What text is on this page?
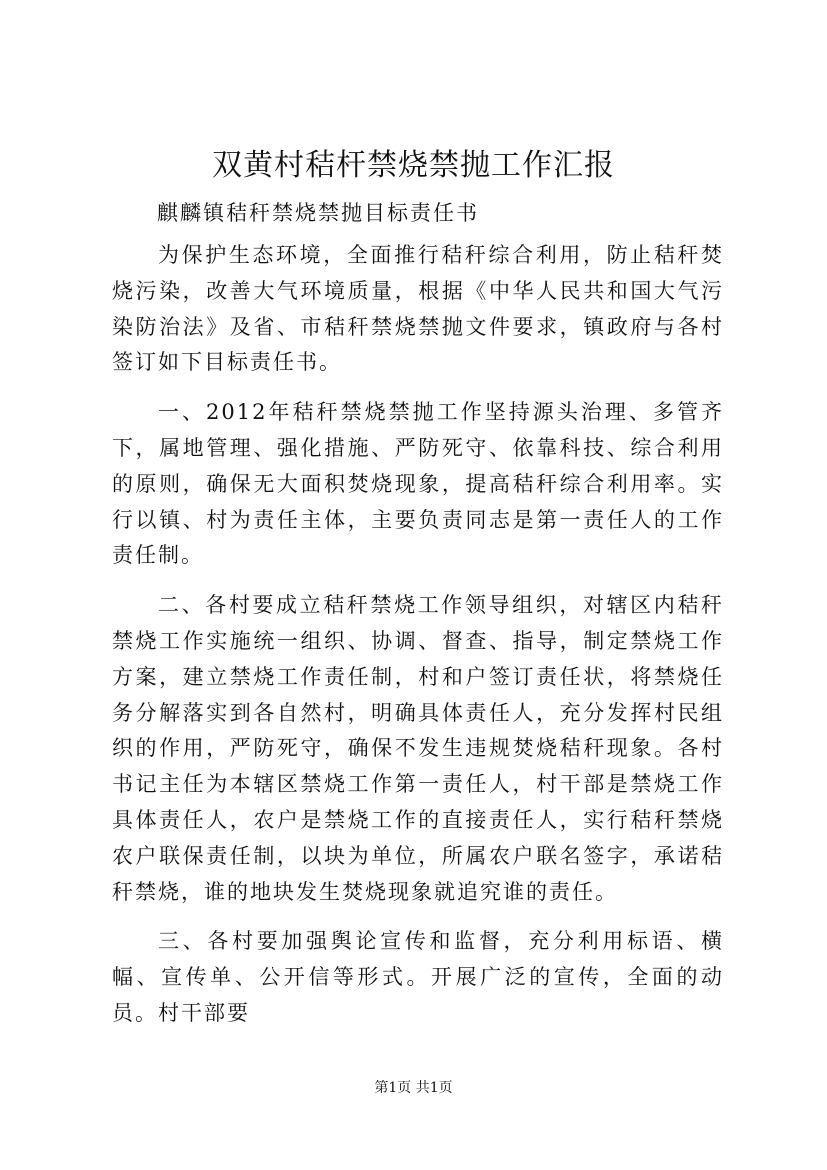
双黄村秸杆禁烧禁抛工作汇报
麒麟镇秸秆禁烧禁抛目标责任书

为保护生态环境，全面推行秸秆综合利用，防止秸秆焚烧污染，改善大气环境质量，根据《中华人民共和国大气污染防治法》及省、市秸秆禁烧禁抛文件要求，镇政府与各村签订如下目标责任书。

一、2012年秸秆禁烧禁抛工作坚持源头治理、多管齐下，属地管理、强化措施、严防死守、依靠科技、综合利用的原则，确保无大面积焚烧现象，提高秸秆综合利用率。实行以镇、村为责任主体，主要负责同志是第一责任人的工作责任制。

二、各村要成立秸秆禁烧工作领导组织，对辖区内秸秆禁烧工作实施统一组织、协调、督查、指导，制定禁烧工作方案，建立禁烧工作责任制，村和户签订责任状，将禁烧任务分解落实到各自然村，明确具体责任人，充分发挥村民组织的作用，严防死守，确保不发生违规焚烧秸秆现象。各村书记主任为本辖区禁烧工作第一责任人，村干部是禁烧工作具体责任人，农户是禁烧工作的直接责任人，实行秸秆禁烧农户联保责任制，以块为单位，所属农户联名签字，承诺秸秆禁烧，谁的地块发生焚烧现象就追究谁的责任。

三、各村要加强舆论宣传和监督，充分利用标语、横幅、宣传单、公开信等形式。开展广泛的宣传，全面的动员。村干部要

第1页 共1页
